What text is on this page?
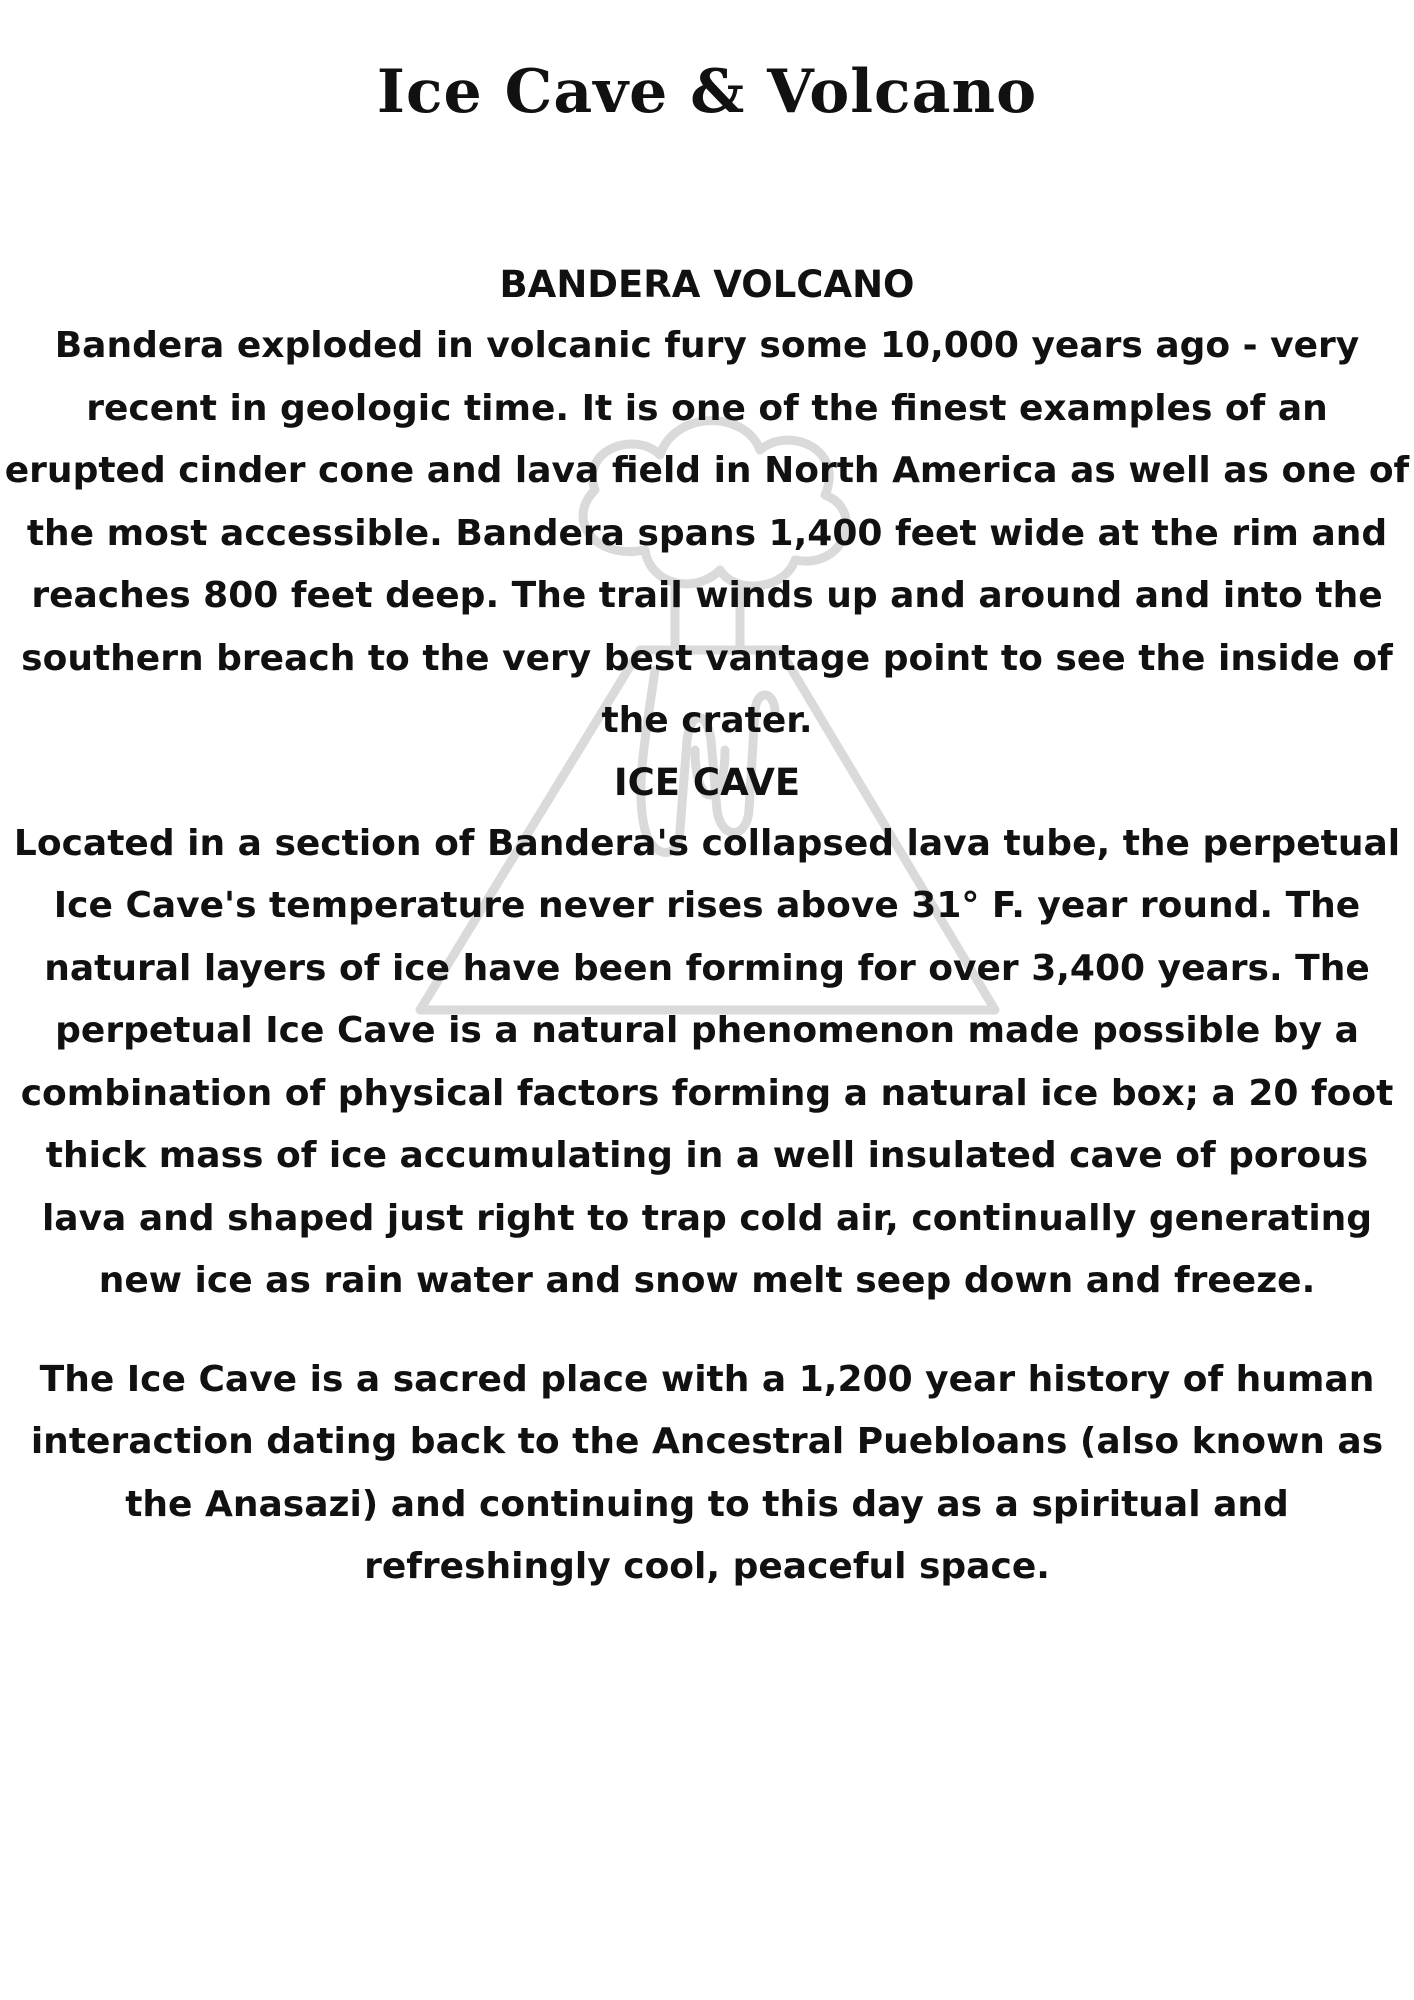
Ice Cave & Volcano
BANDERA VOLCANO

Bandera exploded in volcanic fury some 10,000 years ago - very recent in geologic time. It is one of the finest examples of an erupted cinder cone and lava field in North America as well as one of the most accessible. Bandera spans 1,400 feet wide at the rim and reaches 800 feet deep. The trail winds up and around and into the southern breach to the very best vantage point to see the inside of the crater.

ICE CAVE

Located in a section of Bandera's collapsed lava tube, the perpetual Ice Cave's temperature never rises above 31° F. year round. The natural layers of ice have been forming for over 3,400 years. The perpetual Ice Cave is a natural phenomenon made possible by a combination of physical factors forming a natural ice box; a 20 foot thick mass of ice accumulating in a well insulated cave of porous lava and shaped just right to trap cold air, continually generating new ice as rain water and snow melt seep down and freeze.

The Ice Cave is a sacred place with a 1,200 year history of human interaction dating back to the Ancestral Puebloans (also known as the Anasazi) and continuing to this day as a spiritual and refreshingly cool, peaceful space.
